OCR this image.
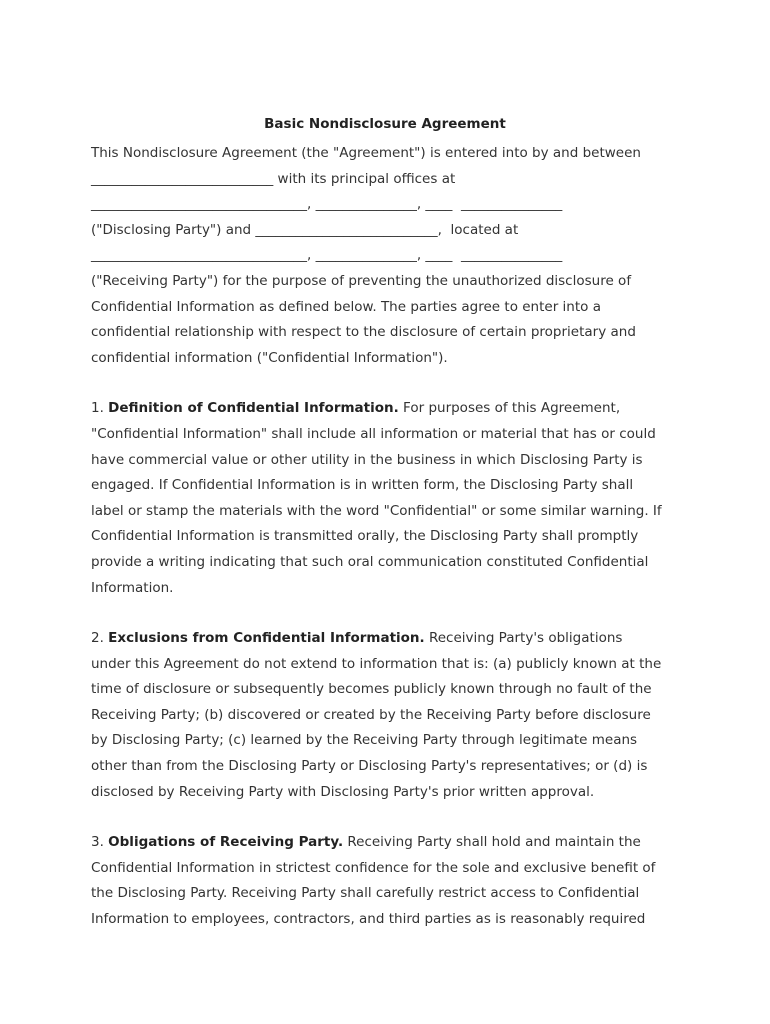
Basic Nondisclosure Agreement
This Nondisclosure Agreement (the "Agreement") is entered into by and between
___________________________ with its principal offices at
________________________________, _______________, ____  _______________
("Disclosing Party") and ___________________________,  located at
________________________________, _______________, ____  _______________
("Receiving Party") for the purpose of preventing the unauthorized disclosure of
Confidential Information as defined below. The parties agree to enter into a
confidential relationship with respect to the disclosure of certain proprietary and
confidential information ("Confidential Information").
1. Definition of Confidential Information. For purposes of this Agreement,
"Confidential Information" shall include all information or material that has or could
have commercial value or other utility in the business in which Disclosing Party is
engaged. If Confidential Information is in written form, the Disclosing Party shall
label or stamp the materials with the word "Confidential" or some similar warning. If
Confidential Information is transmitted orally, the Disclosing Party shall promptly
provide a writing indicating that such oral communication constituted Confidential
Information.
2. Exclusions from Confidential Information. Receiving Party's obligations
under this Agreement do not extend to information that is: (a) publicly known at the
time of disclosure or subsequently becomes publicly known through no fault of the
Receiving Party; (b) discovered or created by the Receiving Party before disclosure
by Disclosing Party; (c) learned by the Receiving Party through legitimate means
other than from the Disclosing Party or Disclosing Party's representatives; or (d) is
disclosed by Receiving Party with Disclosing Party's prior written approval.
3. Obligations of Receiving Party. Receiving Party shall hold and maintain the
Confidential Information in strictest confidence for the sole and exclusive benefit of
the Disclosing Party. Receiving Party shall carefully restrict access to Confidential
Information to employees, contractors, and third parties as is reasonably required
